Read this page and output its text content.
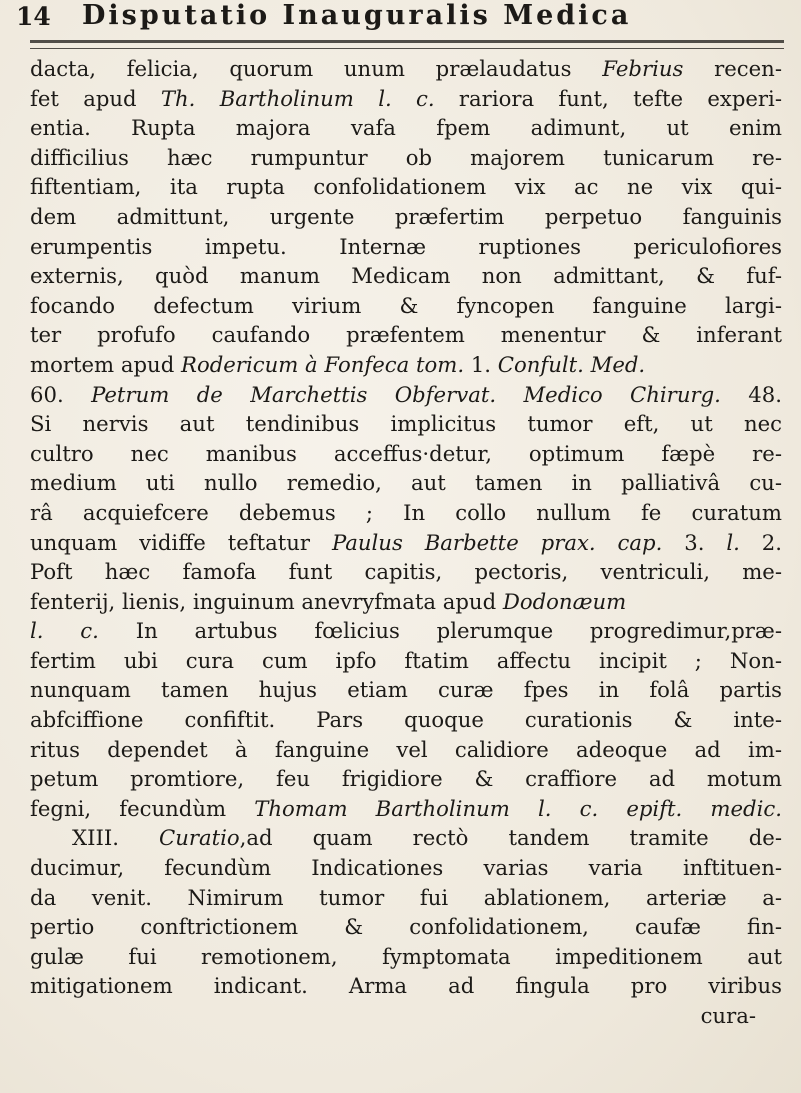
14 Disputatio Inauguralis Medica
dacta, felicia, quorum unum prælaudatus Febrius recen-
fet apud Th. Bartholinum l. c. rariora funt, tefte experi-
entia. Rupta majora vafa fpem adimunt, ut enim
difficilius hæc rumpuntur ob majorem tunicarum re-
fiftentiam, ita rupta confolidationem vix ac ne vix qui-
dem admittunt, urgente præfertim perpetuo fanguinis
erumpentis impetu. Internæ ruptiones periculofiores
externis, quòd manum Medicam non admittant, & fuf-
focando defectum virium & fyncopen fanguine largi-
ter profufo caufando præfentem menentur & inferant
mortem apud Rodericum à Fonfeca tom. 1. Confult. Med.
60. Petrum de Marchettis Obfervat. Medico Chirurg. 48.
Si nervis aut tendinibus implicitus tumor eft, ut nec
cultro nec manibus acceffus·detur, optimum fæpè re-
medium uti nullo remedio, aut tamen in palliativâ cu-
râ acquiefcere debemus ; In collo nullum fe curatum
unquam vidiffe teftatur Paulus Barbette prax. cap. 3. l. 2.
Poft hæc famofa funt capitis, pectoris, ventriculi, me-
fenterij, lienis, inguinum anevryfmata apud Dodonæum
l. c. In artubus fœlicius plerumque progredimur,præ-
fertim ubi cura cum ipfo ftatim affectu incipit ; Non-
nunquam tamen hujus etiam curæ fpes in folâ partis
abfciffione confiftit. Pars quoque curationis & inte-
ritus dependet à fanguine vel calidiore adeoque ad im-
petum promtiore, feu frigidiore & craffiore ad motum
fegni, fecundùm Thomam Bartholinum l. c. epift. medic.
XIII. Curatio,ad quam rectò tandem tramite de-
ducimur, fecundùm Indicationes varias varia inftituen-
da venit. Nimirum tumor fui ablationem, arteriæ a-
pertio conftrictionem & confolidationem, caufæ fin-
gulæ fui remotionem, fymptomata impeditionem aut
mitigationem indicant. Arma ad fingula pro viribus
cura-
